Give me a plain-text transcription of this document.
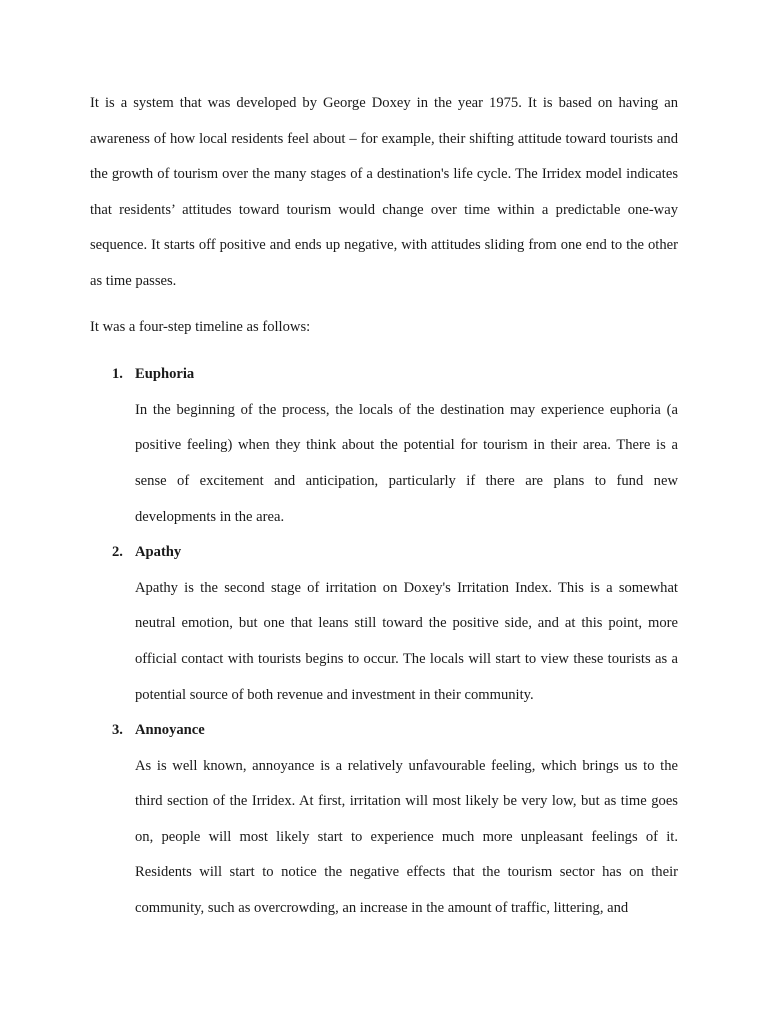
It is a system that was developed by George Doxey in the year 1975. It is based on having an awareness of how local residents feel about – for example, their shifting attitude toward tourists and the growth of tourism over the many stages of a destination's life cycle. The Irridex model indicates that residents’ attitudes toward tourism would change over time within a predictable one-way sequence. It starts off positive and ends up negative, with attitudes sliding from one end to the other as time passes.

It was a four-step timeline as follows:

1. Euphoria

In the beginning of the process, the locals of the destination may experience euphoria (a positive feeling) when they think about the potential for tourism in their area. There is a sense of excitement and anticipation, particularly if there are plans to fund new developments in the area.

2. Apathy

Apathy is the second stage of irritation on Doxey's Irritation Index. This is a somewhat neutral emotion, but one that leans still toward the positive side, and at this point, more official contact with tourists begins to occur. The locals will start to view these tourists as a potential source of both revenue and investment in their community.

3. Annoyance

As is well known, annoyance is a relatively unfavourable feeling, which brings us to the third section of the Irridex. At first, irritation will most likely be very low, but as time goes on, people will most likely start to experience much more unpleasant feelings of it. Residents will start to notice the negative effects that the tourism sector has on their community, such as overcrowding, an increase in the amount of traffic, littering, and
